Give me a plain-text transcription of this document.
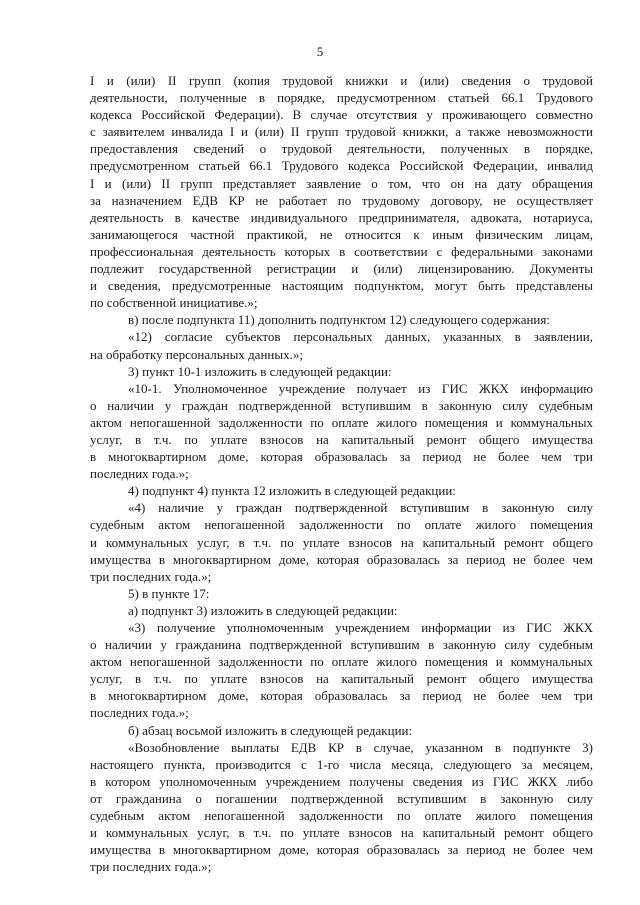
5

I и (или) II групп (копия трудовой книжки и (или) сведения о трудовой

деятельности, полученные в порядке, предусмотренном статьей 66.1 Трудового

кодекса Российской Федерации). В случае отсутствия у проживающего совместно

с заявителем инвалида I и (или) II групп трудовой книжки, а также невозможности

предоставления сведений о трудовой деятельности, полученных в порядке,

предусмотренном статьей 66.1 Трудового кодекса Российской Федерации, инвалид

I и (или) II групп представляет заявление о том, что он на дату обращения

за назначением ЕДВ КР не работает по трудовому договору, не осуществляет

деятельность в качестве индивидуального предпринимателя, адвоката, нотариуса,

занимающегося частной практикой, не относится к иным физическим лицам,

профессиональная деятельность которых в соответствии с федеральными законами

подлежит государственной регистрации и (или) лицензированию. Документы

и сведения, предусмотренные настоящим подпунктом, могут быть представлены

по собственной инициативе.»;

в) после подпункта 11) дополнить подпунктом 12) следующего содержания:

«12) согласие субъектов персональных данных, указанных в заявлении,

на обработку персональных данных.»;

3) пункт 10-1 изложить в следующей редакции:

«10-1. Уполномоченное учреждение получает из ГИС ЖКХ информацию

о наличии у граждан подтвержденной вступившим в законную силу судебным

актом непогашенной задолженности по оплате жилого помещения и коммунальных

услуг, в т.ч. по уплате взносов на капитальный ремонт общего имущества

в многоквартирном доме, которая образовалась за период не более чем три

последних года.»;

4) подпункт 4) пункта 12 изложить в следующей редакции:

«4) наличие у граждан подтвержденной вступившим в законную силу

судебным актом непогашенной задолженности по оплате жилого помещения

и коммунальных услуг, в т.ч. по уплате взносов на капитальный ремонт общего

имущества в многоквартирном доме, которая образовалась за период не более чем

три последних года.»;

5) в пункте 17:

а) подпункт 3) изложить в следующей редакции:

«3) получение уполномоченным учреждением информации из ГИС ЖКХ

о наличии у гражданина подтвержденной вступившим в законную силу судебным

актом непогашенной задолженности по оплате жилого помещения и коммунальных

услуг, в т.ч. по уплате взносов на капитальный ремонт общего имущества

в многоквартирном доме, которая образовалась за период не более чем три

последних года.»;

б) абзац восьмой изложить в следующей редакции:

«Возобновление выплаты ЕДВ КР в случае, указанном в подпункте 3)

настоящего пункта, производится с 1-го числа месяца, следующего за месяцем,

в котором уполномоченным учреждением получены сведения из ГИС ЖКХ либо

от гражданина о погашении подтвержденной вступившим в законную силу

судебным актом непогашенной задолженности по оплате жилого помещения

и коммунальных услуг, в т.ч. по уплате взносов на капитальный ремонт общего

имущества в многоквартирном доме, которая образовалась за период не более чем

три последних года.»;
